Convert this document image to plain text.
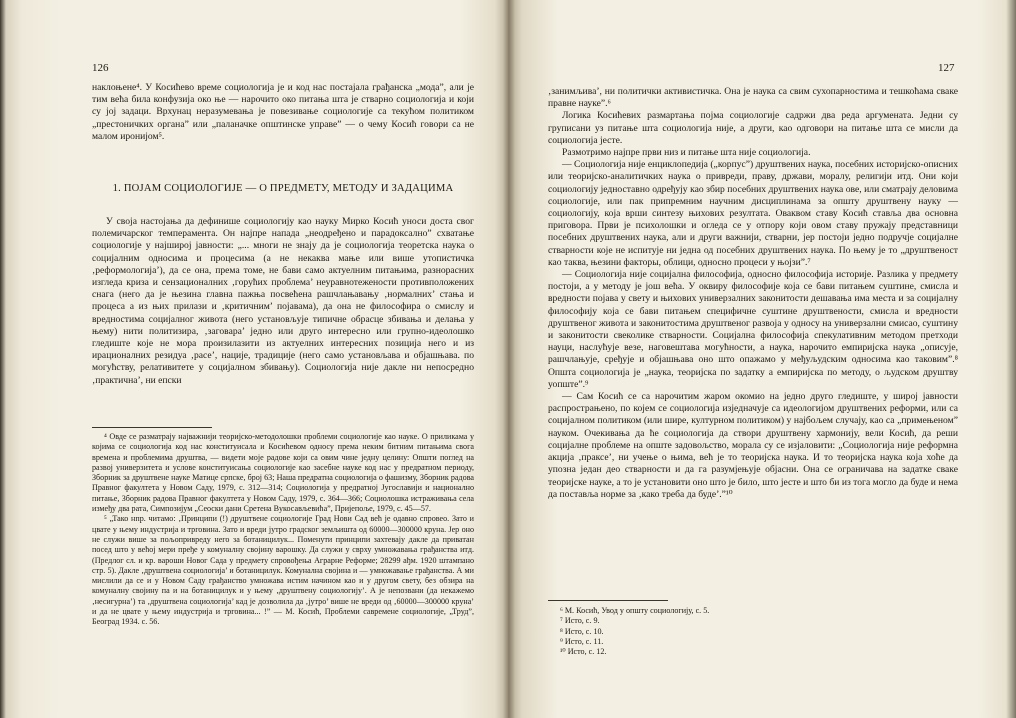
126

наклоњене⁴. У Косићево време социологија је и код нас постајала грађанска „мода”, али је тим већа била конфузија око ње — нарочито око питања шта је стварно социологија и који су јој задаци. Врхунац неразумевања је повезивање социологије са текућом политиком „престоничких органа” или „паланачке општинске управе” — о чему Косић говори са не малом иронијом⁵.

1. ПОЈАМ СОЦИОЛОГИЈЕ — О ПРЕДМЕТУ, МЕТОДУ И ЗАДАЦИМА

У своја настојања да дефинише социологију као науку Мирко Косић уноси доста свог полемичарског темперамента. Он најпре напада „неодређено и парадоксално” схватање социологије у најширој јавности: „... многи не знају да је социологија теоретска наука о социјалним односима и процесима (а не некаква мање или више утопистичка ‚реформологија’), да се она, према томе, не бави само актуелним питањима, разнорасних изгледа криза и сензационалних ‚горућих проблема’ неуравнотежености противположених снага (него да је њезина главна пажња посвећена рашчлањавању ‚нормалних’ стања и процеса а из њих прилази и ‚критичним’ појавама), да она не философира о смислу и вредностима социјалног живота (него установљује типичне обрасце збивања и делања у њему) нити политизира, ‚заговара’ једно или друго интересно или групно-идеолошко гледиште које не мора произилазити из актуелних интересних позиција него и из ирационалних резидуа ‚расе’, нације, традиције (него само установљава и објашњава. по могућству, релативитете у социјалном збивању). Социологија није дакле ни непосредно ‚практична’, ни епски

⁴ Овде се разматрају најважнији теоријско-методолошки проблеми социологије као науке. О приликама у којима се социологија код нас конституисала и Косићевом односу према неким битним питањима свога времена и проблемима друштва, — видети моје радове који са овим чине једну целину: Општи поглед на развој универзитета и услове конституисања социологије као засебне науке код нас у предратном периоду, Зборник за друштвене науке Матице српске, број 63; Наша предратна социологија о фашизму, Зборник радова Правног факултета у Новом Саду, 1979, с. 312—314; Социологија у предратној Југославији и национално питање, Зборник радова Правног факултета у Новом Саду, 1979, с. 364—366; Социолошка истраживања села између два рата, Симпозијум „Сеоски дани Сретена Вукосављевића”, Пријепоље, 1979, с. 45—57.

⁵ „Тако нпр. читамо: ‚Принципи (!) друштвене социологије Град Нови Сад већ је одавно спровео. Зато и цвате у њему индустрија и трговина. Зато и вреди јутро градског земљишта од 60000—300000 круна. Јер оно не служи више за пољопривреду него за ботаницилук... Поменути принципи захтевају дакле да приватан посед што у већој мери пређе у комуналну својину варошку. Да служи у сврху умножавања грађанства итд. (Предлог сл. и кр. вароши Новог Сада у предмету спровођења Аграрне Реформе; 28299 ађм. 1920 штампано стр. 5). Дакле ‚друштвена социологија’ и ботаницилук. Комунална својина и — умножавање грађанства. А ми мислили да се и у Новом Саду грађанство умножава истим начином као и у другом свету, без обзира на комуналну својину па и на ботаницилук и у њему ‚друштвену социологију’. А је непозвани (да некажемо ‚несигурна’) та ‚друштвена социологија’ кад је дозволила да ‚јутро’ више не вреди од ‚60000—300000 круна’ и да не цвате у њему индустрија и трговина... !” — М. Косић, Проблеми савремене социологије, „Труд”, Београд 1934. с. 56.

127

‚занимљива’, ни политички активистичка. Она је наука са свим сухопарностима и тешкоћама сваке правне науке”.⁶

Логика Косићевих размартања појма социологије садржи два реда аргумената. Једни су груписани уз питање шта социологија није, а други, као одговори на питање шта се мисли да социологија јесте.

Размотримо најпре први низ и питање шта није социологија.

— Социологија није енциклопедија („корпус”) друштвених наука, посебних историјско-описних или теоријско-аналитичких наука о привреди, праву, држави, моралу, религији итд. Они који социологију једноставно одређују као збир посебних друштвених наука ове, или сматрају деловима социологије, или пак припремним научним дисциплинама за општу друштвену науку — социологију, која врши синтезу њихових резултата. Оваквом ставу Косић ставља два основна приговора. Први је психолошки и огледа се у отпору који овом ставу пружају представници посебних друштвених наука, али и други важнији, стварни, јер постоји једно подручје социјалне стварности које не испитује ни једна од посебних друштвених наука. По њему је то „друштвеност као таква, њезини факторы, облици, односно процеси у њојзи”.⁷

— Социологија није социјална философија, односно философија историје. Разлика у предмету постоји, а у методу је још већа. У оквиру философије која се бави питањем суштине, смисла и вредности појава у свету и њихових универзалних законитости дешавања има места и за социјалну философију која се бави питањем специфичне суштине друштвености, смисла и вредности друштвеног живота и законитостима друштвеног развоја у односу на универзални смисао, суштину и законитости свеколике стварности. Социјална философија спекулативним методом претходи науци, наслућује везе, наговештава могућности, а наука, нарочито емпиријска наука „описује, рашчлањује, сређује и објашњава оно што опажамо у међуљудским односима као таковим”.⁸ Општа социологија је „наука, теоријска по задатку а емпиријска по методу, о људском друштву уопште”.⁹

— Сам Косић се са нарочитим жаром окомио на једно друго гледиште, у широј јавности распрострањено, по којем се социологија изједначује са идеологијом друштвених реформи, или са социјалном политиком (или шире, културном политиком) у најбољем случају, као са „примењеном” науком. Очекивања да ће социологија да створи друштвену хармонију, вели Косић, да реши социјалне проблеме на опште задовољство, морала су се изјаловити: „Социологија није реформна акција ‚праксе’, ни учење о њима, већ је то теоријска наука. И то теоријска наука која хоће да упозна један део стварности и да га разумјењује објасни. Она се ограничава на задатке сваке теоријске науке, а то је установити оно што је било, што јесте и што би из тога могло да буде и нема да поставља норме за ‚како треба да буде’.”¹⁰

⁶ М. Косић, Увод у општу социологију, с. 5.

⁷ Исто, с. 9.

⁸ Исто, с. 10.

⁹ Исто, с. 11.

¹⁰ Исто, с. 12.
